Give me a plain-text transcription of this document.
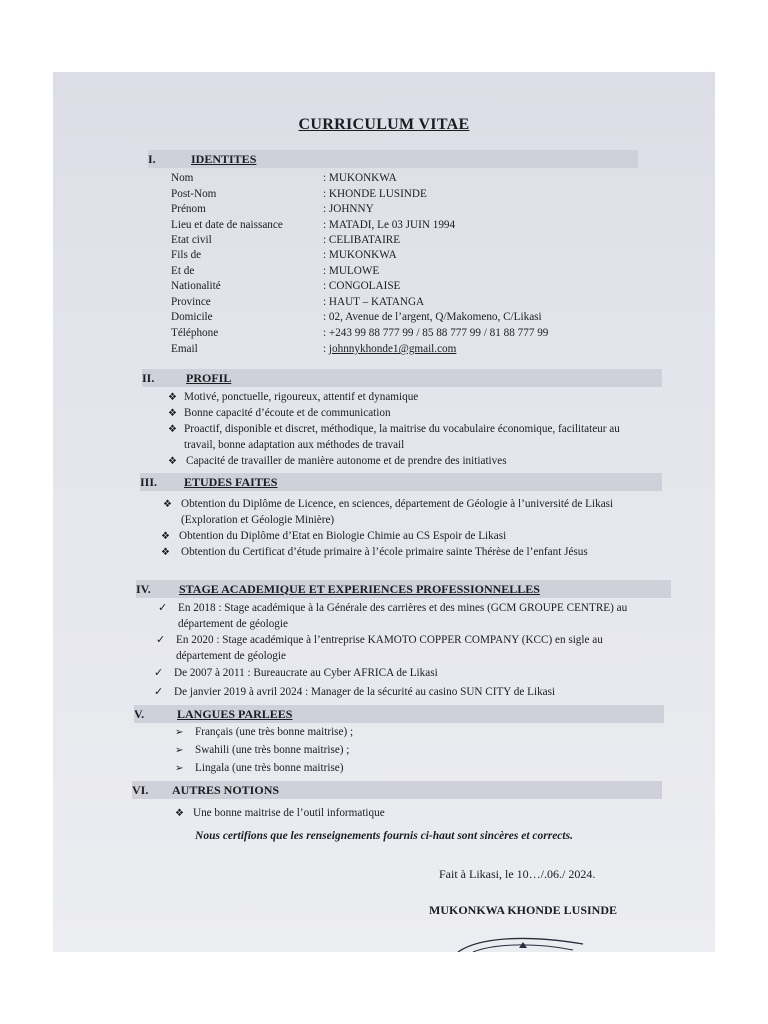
CURRICULUM VITAE
I.	IDENTITES
Nom	: MUKONKWA
Post-Nom	: KHONDE LUSINDE
Prénom	: JOHNNY
Lieu et date de naissance	: MATADI, Le 03 JUIN 1994
Etat civil	: CELIBATAIRE
Fils de	: MUKONKWA
Et de	: MULOWE
Nationalité	: CONGOLAISE
Province	: HAUT – KATANGA
Domicile	: 02, Avenue de l’argent, Q/Makomeno, C/Likasi
Téléphone	: +243 99 88 777 99 / 85 88 777 99 / 81 88 777 99
Email	: johnnykhonde1@gmail.com
II.	PROFIL
❖ Motivé, ponctuelle, rigoureux, attentif et dynamique
❖ Bonne capacité d’écoute et de communication
❖ Proactif, disponible et discret, méthodique, la maitrise du vocabulaire économique, facilitateur au travail, bonne adaptation aux méthodes de travail
❖ Capacité de travailler de manière autonome et de prendre des initiatives
III.	ETUDES FAITES
❖ Obtention du Diplôme de Licence, en sciences, département de Géologie à l’université de Likasi (Exploration et Géologie Minière)
❖ Obtention du Diplôme d’Etat en Biologie Chimie au CS Espoir de Likasi
❖ Obtention du Certificat d’étude primaire à l’école primaire sainte Thérèse de l’enfant Jésus
IV.	STAGE ACADEMIQUE ET EXPERIENCES PROFESSIONNELLES
✓ En 2018 : Stage académique à la Générale des carrières et des mines (GCM GROUPE CENTRE) au département de géologie
✓ En 2020 : Stage académique à l’entreprise KAMOTO COPPER COMPANY (KCC) en sigle au département de géologie
✓ De 2007 à 2011 : Bureaucrate au Cyber AFRICA de Likasi
✓ De janvier 2019 à avril 2024 : Manager de la sécurité au casino SUN CITY de Likasi
V.	LANGUES PARLEES
➢ Français (une très bonne maitrise) ;
➢ Swahili (une très bonne maitrise) ;
➢ Lingala (une très bonne maitrise)
VI.	AUTRES NOTIONS
❖ Une bonne maitrise de l’outil informatique
Nous certifions que les renseignements fournis ci-haut sont sincères et corrects.
Fait à Likasi, le 10…/.06./ 2024.
MUKONKWA KHONDE LUSINDE
